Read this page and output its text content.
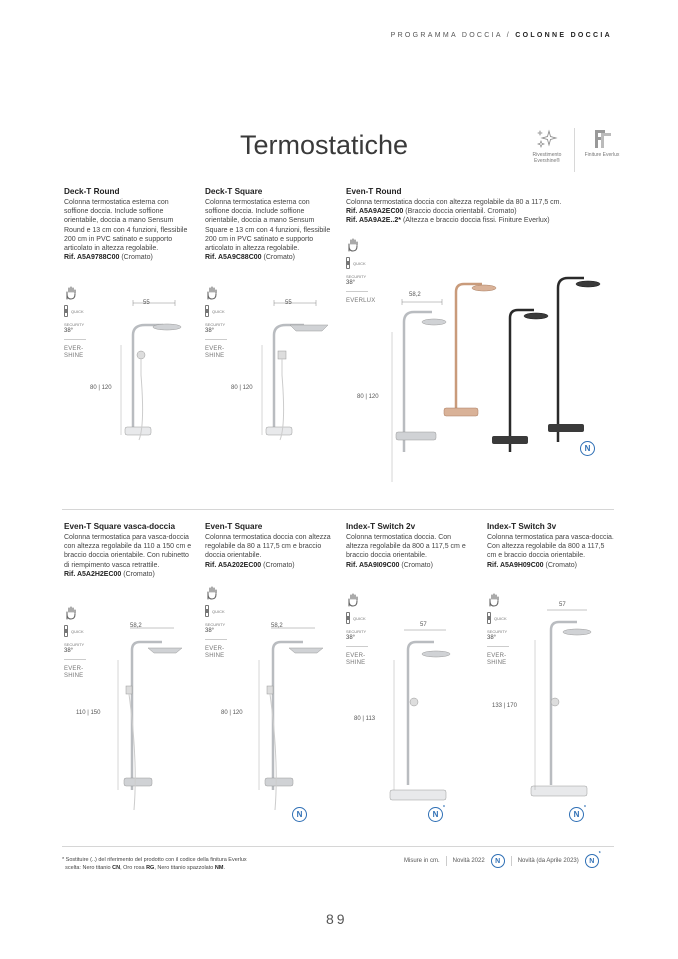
PROGRAMMA DOCCIA / COLONNE DOCCIA
Termostatiche	Rivestimento Evershine®
Finiture Everlux
Deck-T Round
Colonna termostatica esterna con soffione doccia. Include soffione orientabile, doccia a mano Sensum Round e 13 cm con 4 funzioni, flessibile 200 cm in PVC satinato e supporto articolato in altezza regolabile.
Rif. A5A9788C00 (Cromato)
Deck-T Square
Colonna termostatica esterna con soffione doccia. Include soffione orientabile, doccia a mano Sensum Square e 13 cm con 4 funzioni, flessibile 200 cm in PVC satinato e supporto articolato in altezza regolabile.
Rif. A5A9C88C00 (Cromato)
Even-T Round
Colonna termostatica doccia con altezza regolabile da 80 a 117,5 cm.
Rif. A5A9A2EC00 (Braccio doccia orientabil. Cromato)
Rif. A5A9A2E..2* (Altezza e braccio doccia fissi. Finiture Everlux)
QUICK
SECURITY
38°
EVER-SHINE
QUICK
SECURITY
38°
EVER-SHINE
QUICK
SECURITY
38°
EVERLUX
55
80 | 120
55
80 | 120
58,2
80 | 120
N
Even-T Square vasca-doccia
Colonna termostatica para vasca-doccia con altezza regolabile da 110 a 150 cm e braccio doccia orientabile. Con rubinetto di riempimento vasca retrattile.
Rif. A5A2H2EC00 (Cromato)
Even-T Square
Colonna termostatica doccia con altezza regolabile da 80 a 117,5 cm e braccio doccia orientabile.
Rif. A5A202EC00 (Cromato)
Index-T Switch 2v
Colonna termostatica doccia. Con altezza regolabile da 800 a 117,5 cm e braccio doccia orientabile.
Rif. A5A9I09C00 (Cromato)
Index-T Switch 3v
Colonna termostatica para vasca-doccia. Con altezza regolabile da 800 a 117,5 cm e braccio doccia orientabile.
Rif. A5A9H09C00 (Cromato)
QUICK
SECURITY
38°
EVER-SHINE
QUICK
SECURITY
38°
EVER-SHINE
QUICK
SECURITY
38°
EVER-SHINE
QUICK
SECURITY
38°
EVER-SHINE
58,2
110 | 150
58,2
80 | 120
N
57
80 | 113
N
*
57
133 | 170
N
*
* Sostituire (..) del riferimento del prodotto con il codice della finitura Everlux
scelta: Nero titanio CN, Oro rosa RG, Nero titanio spazzolato NM.
Misure in cm. Novità 2022 N	Novità (da Aprile 2023) N
*
89
